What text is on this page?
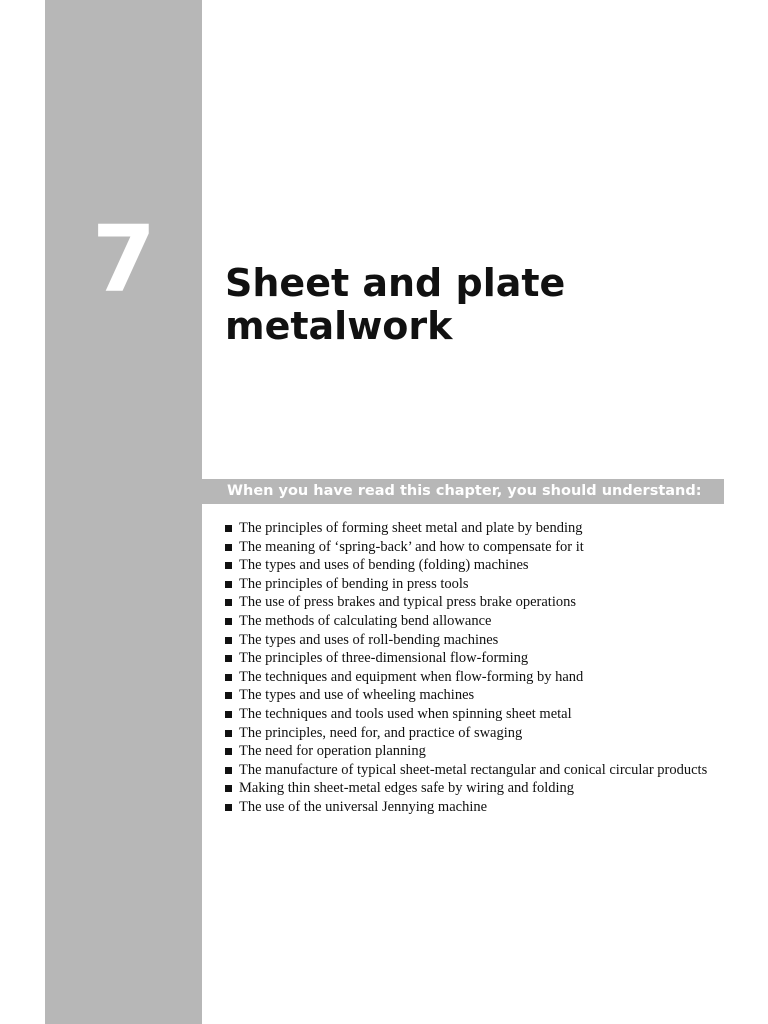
7 Sheet and plate metalwork
When you have read this chapter, you should understand:
The principles of forming sheet metal and plate by bending
The meaning of ‘spring-back’ and how to compensate for it
The types and uses of bending (folding) machines
The principles of bending in press tools
The use of press brakes and typical press brake operations
The methods of calculating bend allowance
The types and uses of roll-bending machines
The principles of three-dimensional flow-forming
The techniques and equipment when flow-forming by hand
The types and use of wheeling machines
The techniques and tools used when spinning sheet metal
The principles, need for, and practice of swaging
The need for operation planning
The manufacture of typical sheet-metal rectangular and conical circular products
Making thin sheet-metal edges safe by wiring and folding
The use of the universal Jennying machine
